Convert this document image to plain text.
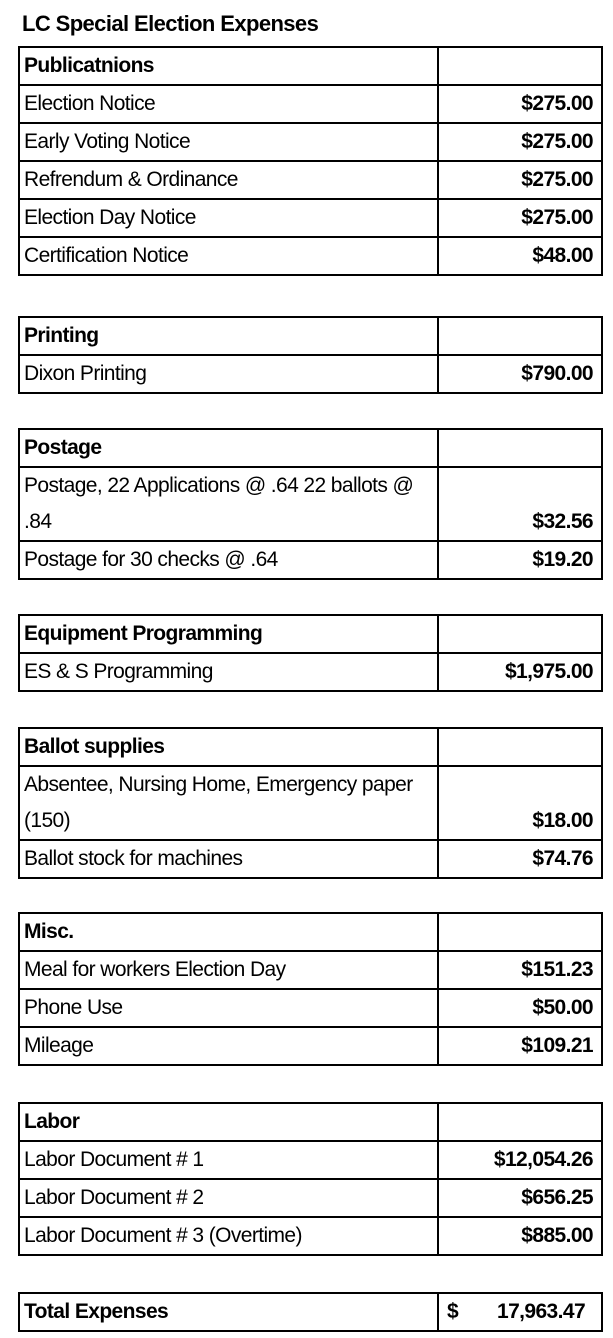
LC Special Election Expenses
Publicatnions	
Election Notice	$275.00
Early Voting Notice	$275.00
Refrendum & Ordinance	$275.00
Election Day Notice	$275.00
Certification Notice	$48.00
Printing	
Dixon Printing	$790.00
Postage	
Postage, 22 Applications @ .64 22 ballots @ .84	$32.56
Postage for 30 checks @ .64	$19.20
Equipment Programming	
ES & S Programming	$1,975.00
Ballot supplies	
Absentee, Nursing Home, Emergency paper (150)	$18.00
Ballot stock for machines	$74.76
Misc.	
Meal for workers Election Day	$151.23
Phone Use	$50.00
Mileage	$109.21
Labor	
Labor Document # 1	$12,054.26
Labor Document # 2	$656.25
Labor Document # 3 (Overtime)	$885.00
Total Expenses	$ 17,963.47
